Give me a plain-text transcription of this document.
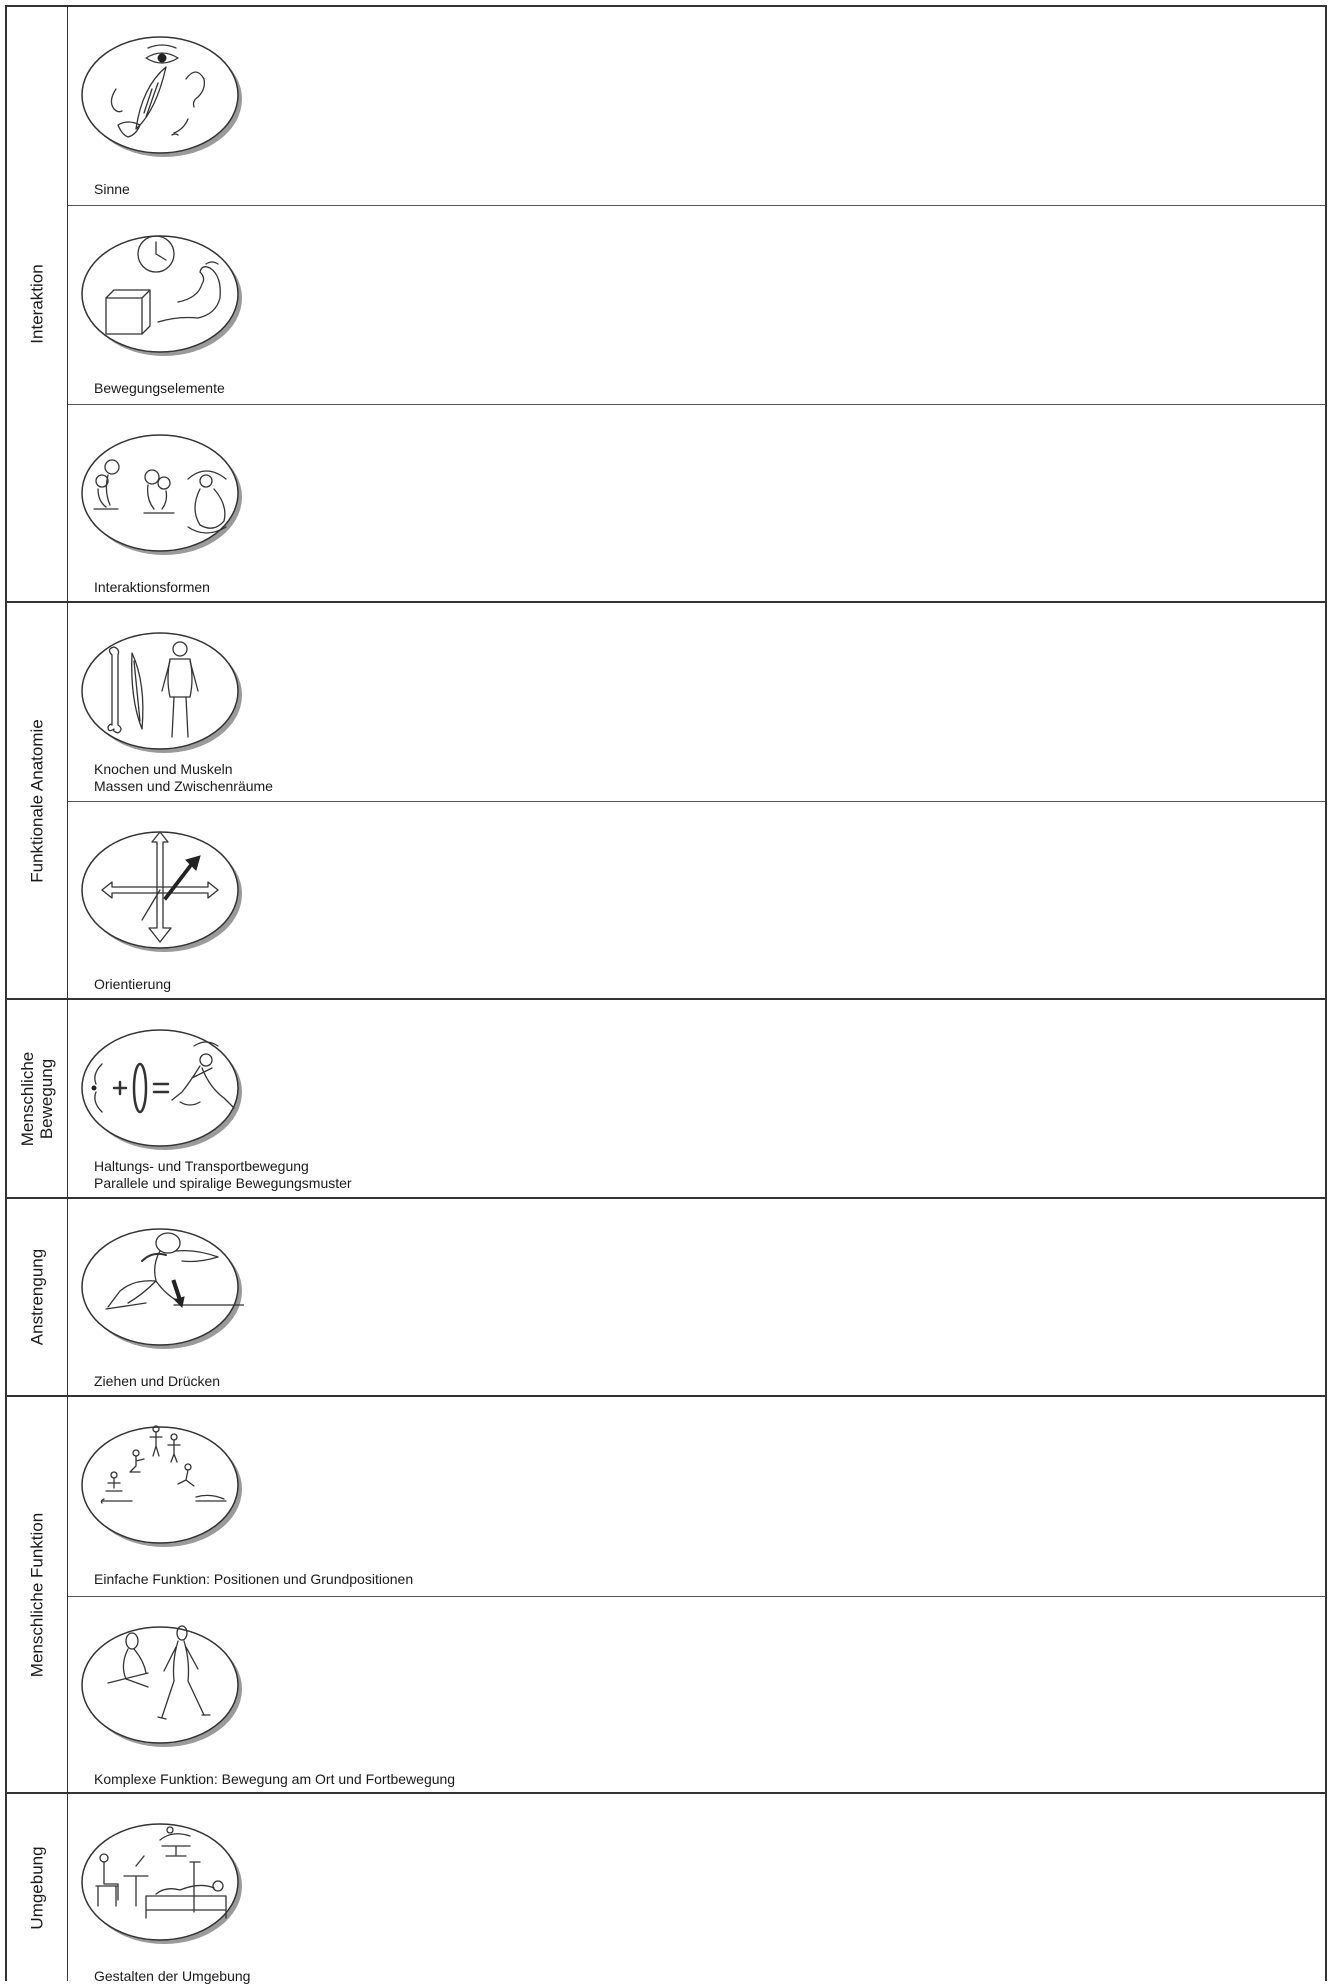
Interaktion
Sinne
Bewegungselemente
Interaktionsformen
Funktionale Anatomie	Knochen und Muskeln
Massen und Zwischenräume
Orientierung
Menschliche Bewegung
Haltungs- und Transportbewegung
Parallele und spiralige Bewegungsmuster
Anstrengung
Ziehen und Drücken
Menschliche Funktion	Einfache Funktion: Positionen und Grundpositionen
Komplexe Funktion: Bewegung am Ort und Fortbewegung
Umgebung
Gestalten der Umgebung
